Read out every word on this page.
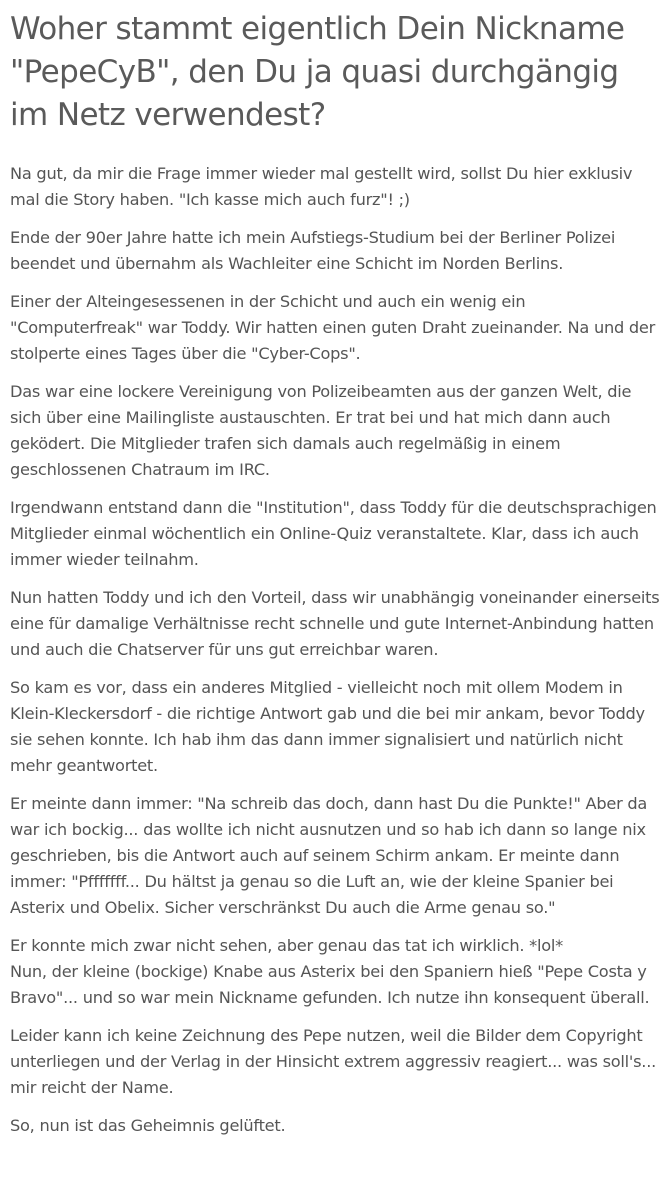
Woher stammt eigentlich Dein Nickname "PepeCyB", den Du ja quasi durchgängig im Netz verwendest?

Na gut, da mir die Frage immer wieder mal gestellt wird, sollst Du hier exklusiv mal die Story haben. "Ich kasse mich auch furz"! ;)

Ende der 90er Jahre hatte ich mein Aufstiegs-Studium bei der Berliner Polizei beendet und übernahm als Wachleiter eine Schicht im Norden Berlins.

Einer der Alteingesessenen in der Schicht und auch ein wenig ein "Computerfreak" war Toddy. Wir hatten einen guten Draht zueinander. Na und der stolperte eines Tages über die "Cyber-Cops".

Das war eine lockere Vereinigung von Polizeibeamten aus der ganzen Welt, die sich über eine Mailingliste austauschten. Er trat bei und hat mich dann auch geködert. Die Mitglieder trafen sich damals auch regelmäßig in einem geschlossenen Chatraum im IRC.

Irgendwann entstand dann die "Institution", dass Toddy für die deutschsprachigen Mitglieder einmal wöchentlich ein Online-Quiz veranstaltete. Klar, dass ich auch immer wieder teilnahm.

Nun hatten Toddy und ich den Vorteil, dass wir unabhängig voneinander einerseits eine für damalige Verhältnisse recht schnelle und gute Internet-Anbindung hatten und auch die Chatserver für uns gut erreichbar waren.

So kam es vor, dass ein anderes Mitglied - vielleicht noch mit ollem Modem in Klein-Kleckersdorf - die richtige Antwort gab und die bei mir ankam, bevor Toddy sie sehen konnte. Ich hab ihm das dann immer signalisiert und natürlich nicht mehr geantwortet.

Er meinte dann immer: "Na schreib das doch, dann hast Du die Punkte!" Aber da war ich bockig... das wollte ich nicht ausnutzen und so hab ich dann so lange nix geschrieben, bis die Antwort auch auf seinem Schirm ankam. Er meinte dann immer: "Pfffffff... Du hältst ja genau so die Luft an, wie der kleine Spanier bei Asterix und Obelix. Sicher verschränkst Du auch die Arme genau so."

Er konnte mich zwar nicht sehen, aber genau das tat ich wirklich. *lol*
Nun, der kleine (bockige) Knabe aus Asterix bei den Spaniern hieß "Pepe Costa y Bravo"... und so war mein Nickname gefunden. Ich nutze ihn konsequent überall.

Leider kann ich keine Zeichnung des Pepe nutzen, weil die Bilder dem Copyright unterliegen und der Verlag in der Hinsicht extrem aggressiv reagiert... was soll's... mir reicht der Name.

So, nun ist das Geheimnis gelüftet.
